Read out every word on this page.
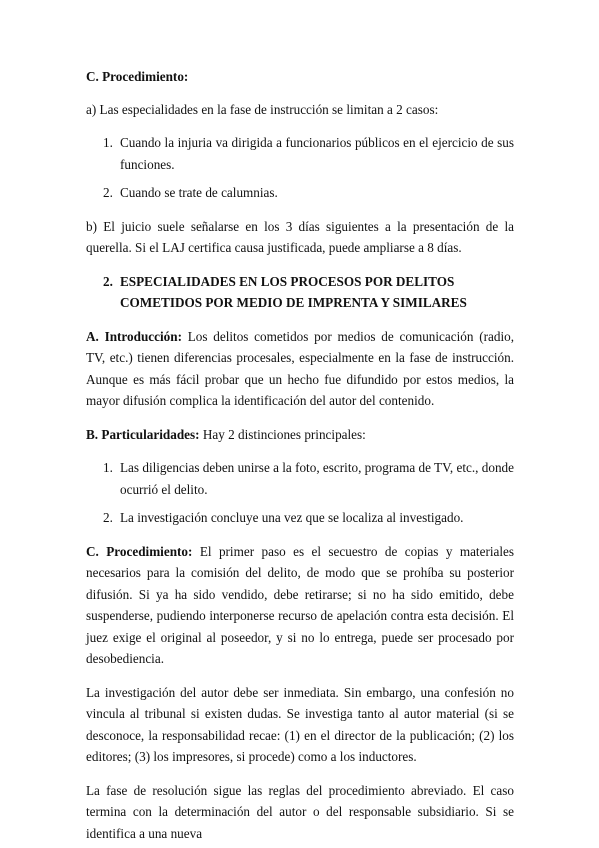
C. Procedimiento:

a) Las especialidades en la fase de instrucción se limitan a 2 casos:

1. Cuando la injuria va dirigida a funcionarios públicos en el ejercicio de sus funciones.
2. Cuando se trate de calumnias.

b) El juicio suele señalarse en los 3 días siguientes a la presentación de la querella. Si el LAJ certifica causa justificada, puede ampliarse a 8 días.

2. ESPECIALIDADES EN LOS PROCESOS POR DELITOS COMETIDOS POR MEDIO DE IMPRENTA Y SIMILARES

A. Introducción: Los delitos cometidos por medios de comunicación (radio, TV, etc.) tienen diferencias procesales, especialmente en la fase de instrucción. Aunque es más fácil probar que un hecho fue difundido por estos medios, la mayor difusión complica la identificación del autor del contenido.

B. Particularidades: Hay 2 distinciones principales:

1. Las diligencias deben unirse a la foto, escrito, programa de TV, etc., donde ocurrió el delito.
2. La investigación concluye una vez que se localiza al investigado.

C. Procedimiento: El primer paso es el secuestro de copias y materiales necesarios para la comisión del delito, de modo que se prohíba su posterior difusión. Si ya ha sido vendido, debe retirarse; si no ha sido emitido, debe suspenderse, pudiendo interponerse recurso de apelación contra esta decisión. El juez exige el original al poseedor, y si no lo entrega, puede ser procesado por desobediencia.

La investigación del autor debe ser inmediata. Sin embargo, una confesión no vincula al tribunal si existen dudas. Se investiga tanto al autor material (si se desconoce, la responsabilidad recae: (1) en el director de la publicación; (2) los editores; (3) los impresores, si procede) como a los inductores.

La fase de resolución sigue las reglas del procedimiento abreviado. El caso termina con la determinación del autor o del responsable subsidiario. Si se identifica a una nueva
